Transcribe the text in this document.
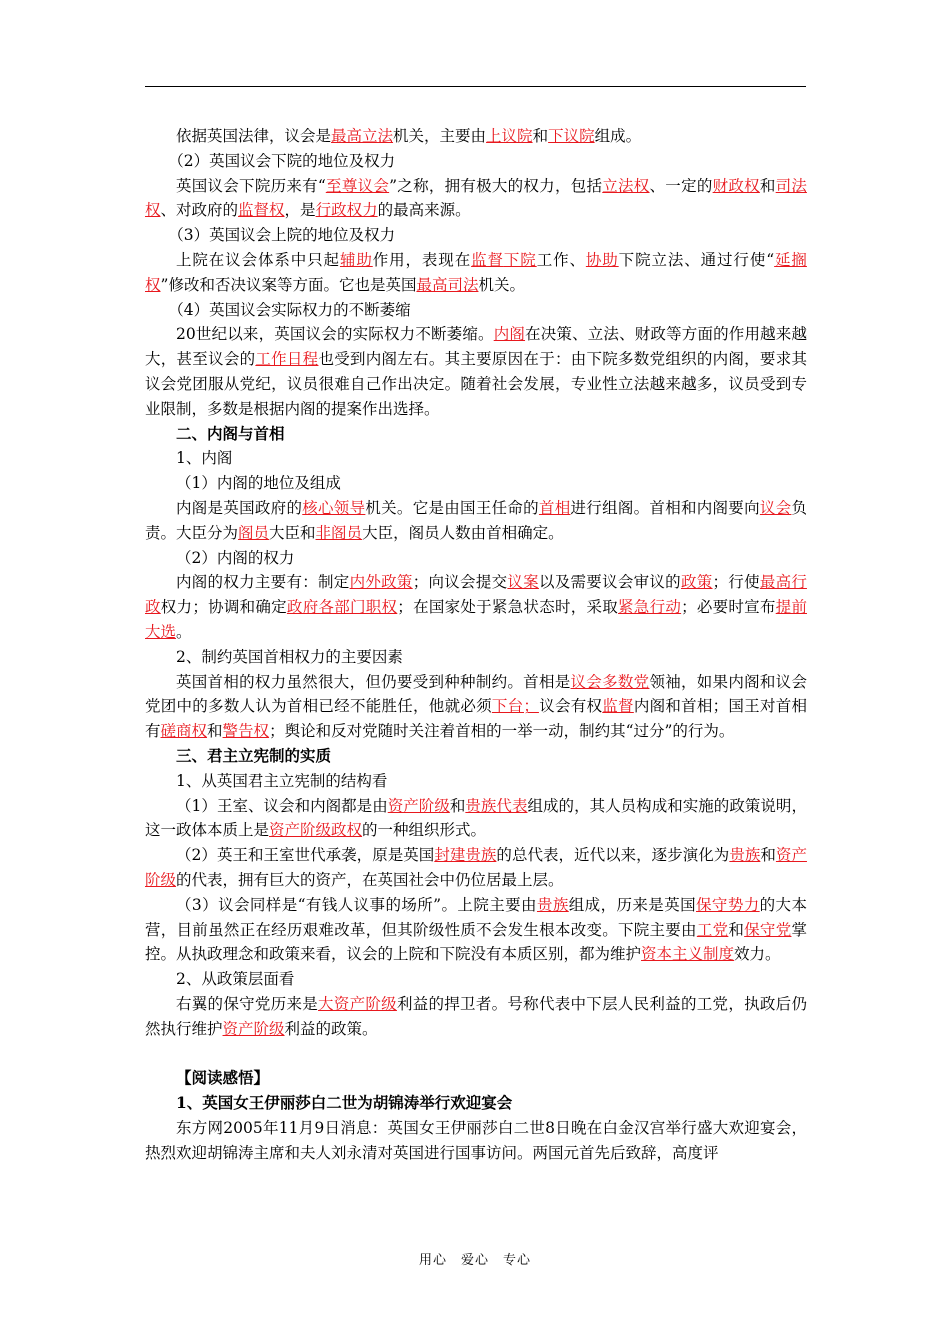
依据英国法律，议会是最高立法机关，主要由上议院和下议院组成。

（2）英国议会下院的地位及权力

英国议会下院历来有“至尊议会”之称，拥有极大的权力，包括立法权、一定的财政权和司法权、对政府的监督权，是行政权力的最高来源。

（3）英国议会上院的地位及权力

上院在议会体系中只起辅助作用，表现在监督下院工作、协助下院立法、通过行使“延搁权”修改和否决议案等方面。它也是英国最高司法机关。

（4）英国议会实际权力的不断萎缩

20世纪以来，英国议会的实际权力不断萎缩。内阁在决策、立法、财政等方面的作用越来越大，甚至议会的工作日程也受到内阁左右。其主要原因在于：由下院多数党组织的内阁，要求其议会党团服从党纪，议员很难自己作出决定。随着社会发展，专业性立法越来越多，议员受到专业限制，多数是根据内阁的提案作出选择。

二、内阁与首相

1、内阁

（1）内阁的地位及组成

内阁是英国政府的核心领导机关。它是由国王任命的首相进行组阁。首相和内阁要向议会负责。大臣分为阁员大臣和非阁员大臣，阁员人数由首相确定。

（2）内阁的权力

内阁的权力主要有：制定内外政策；向议会提交议案以及需要议会审议的政策；行使最高行政权力；协调和确定政府各部门职权；在国家处于紧急状态时，采取紧急行动；必要时宣布提前大选。

2、制约英国首相权力的主要因素

英国首相的权力虽然很大，但仍要受到种种制约。首相是议会多数党领袖，如果内阁和议会党团中的多数人认为首相已经不能胜任，他就必须下台；议会有权监督内阁和首相；国王对首相有磋商权和警告权；舆论和反对党随时关注着首相的一举一动，制约其“过分”的行为。

三、君主立宪制的实质

1、从英国君主立宪制的结构看

（1）王室、议会和内阁都是由资产阶级和贵族代表组成的，其人员构成和实施的政策说明，这一政体本质上是资产阶级政权的一种组织形式。

（2）英王和王室世代承袭，原是英国封建贵族的总代表，近代以来，逐步演化为贵族和资产阶级的代表，拥有巨大的资产，在英国社会中仍位居最上层。

（3）议会同样是“有钱人议事的场所”。上院主要由贵族组成，历来是英国保守势力的大本营，目前虽然正在经历艰难改革，但其阶级性质不会发生根本改变。下院主要由工党和保守党掌控。从执政理念和政策来看，议会的上院和下院没有本质区别，都为维护资本主义制度效力。

2、从政策层面看

右翼的保守党历来是大资产阶级利益的捍卫者。号称代表中下层人民利益的工党，执政后仍然执行维护资产阶级利益的政策。

【阅读感悟】

1、英国女王伊丽莎白二世为胡锦涛举行欢迎宴会

东方网2005年11月9日消息：英国女王伊丽莎白二世8日晚在白金汉宫举行盛大欢迎宴会，热烈欢迎胡锦涛主席和夫人刘永清对英国进行国事访问。两国元首先后致辞，高度评

用心　爱心　专心
